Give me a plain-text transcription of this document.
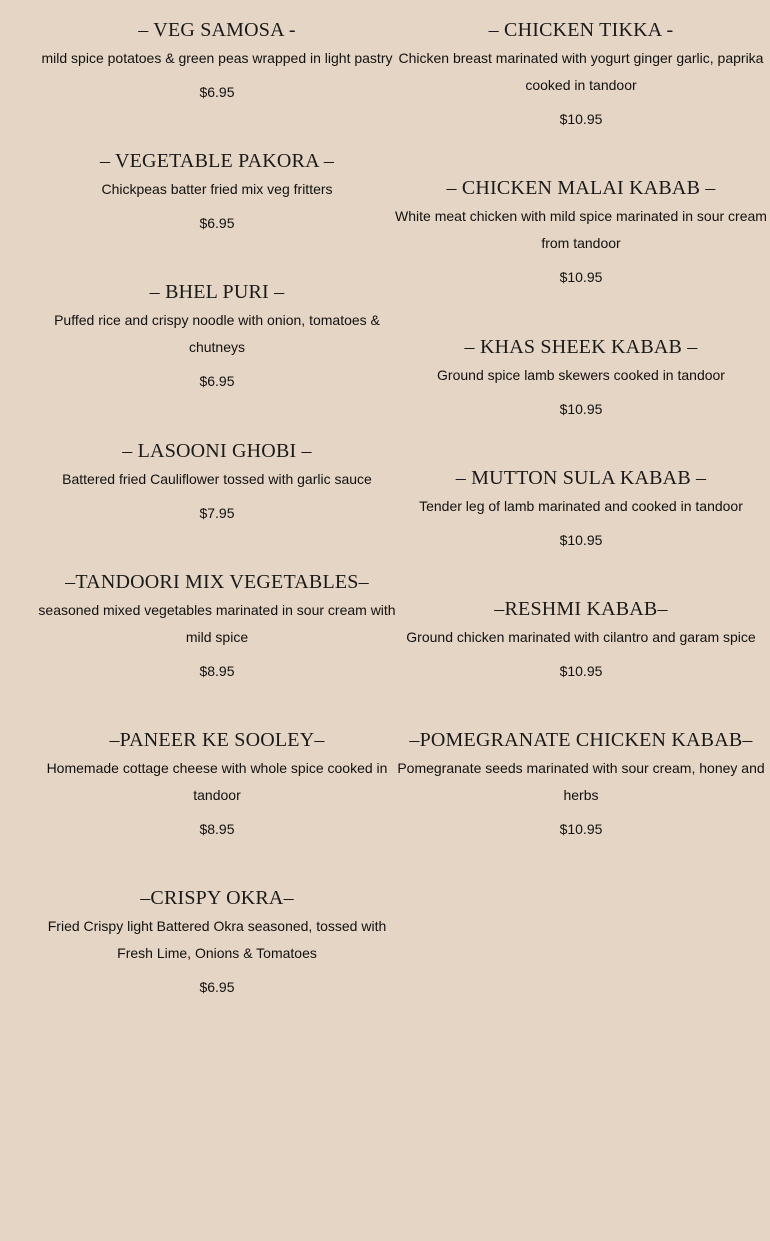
– VEG SAMOSA -
mild spice potatoes & green peas wrapped in light pastry
$6.95
– VEGETABLE PAKORA –
Chickpeas batter fried mix veg fritters
$6.95
– BHEL PURI –
Puffed rice and crispy noodle with onion, tomatoes & chutneys
$6.95
– LASOONI GHOBI –
Battered fried Cauliflower tossed with garlic sauce
$7.95
–TANDOORI MIX VEGETABLES–
seasoned mixed vegetables marinated in sour cream with mild spice
$8.95
–PANEER KE SOOLEY–
Homemade cottage cheese with whole spice cooked in tandoor
$8.95
–CRISPY OKRA–
Fried Crispy light Battered Okra seasoned, tossed with Fresh Lime, Onions & Tomatoes
$6.95
– CHICKEN TIKKA -
Chicken breast marinated with yogurt ginger garlic, paprika cooked in tandoor
$10.95
– CHICKEN MALAI KABAB –
White meat chicken with mild spice marinated in sour cream from tandoor
$10.95
– KHAS SHEEK KABAB –
Ground spice lamb skewers cooked in tandoor
$10.95
– MUTTON SULA KABAB –
Tender leg of lamb marinated and cooked in tandoor
$10.95
–RESHMI KABAB–
Ground chicken marinated with cilantro and garam spice
$10.95
–POMEGRANATE CHICKEN KABAB–
Pomegranate seeds marinated with sour cream, honey and herbs
$10.95
